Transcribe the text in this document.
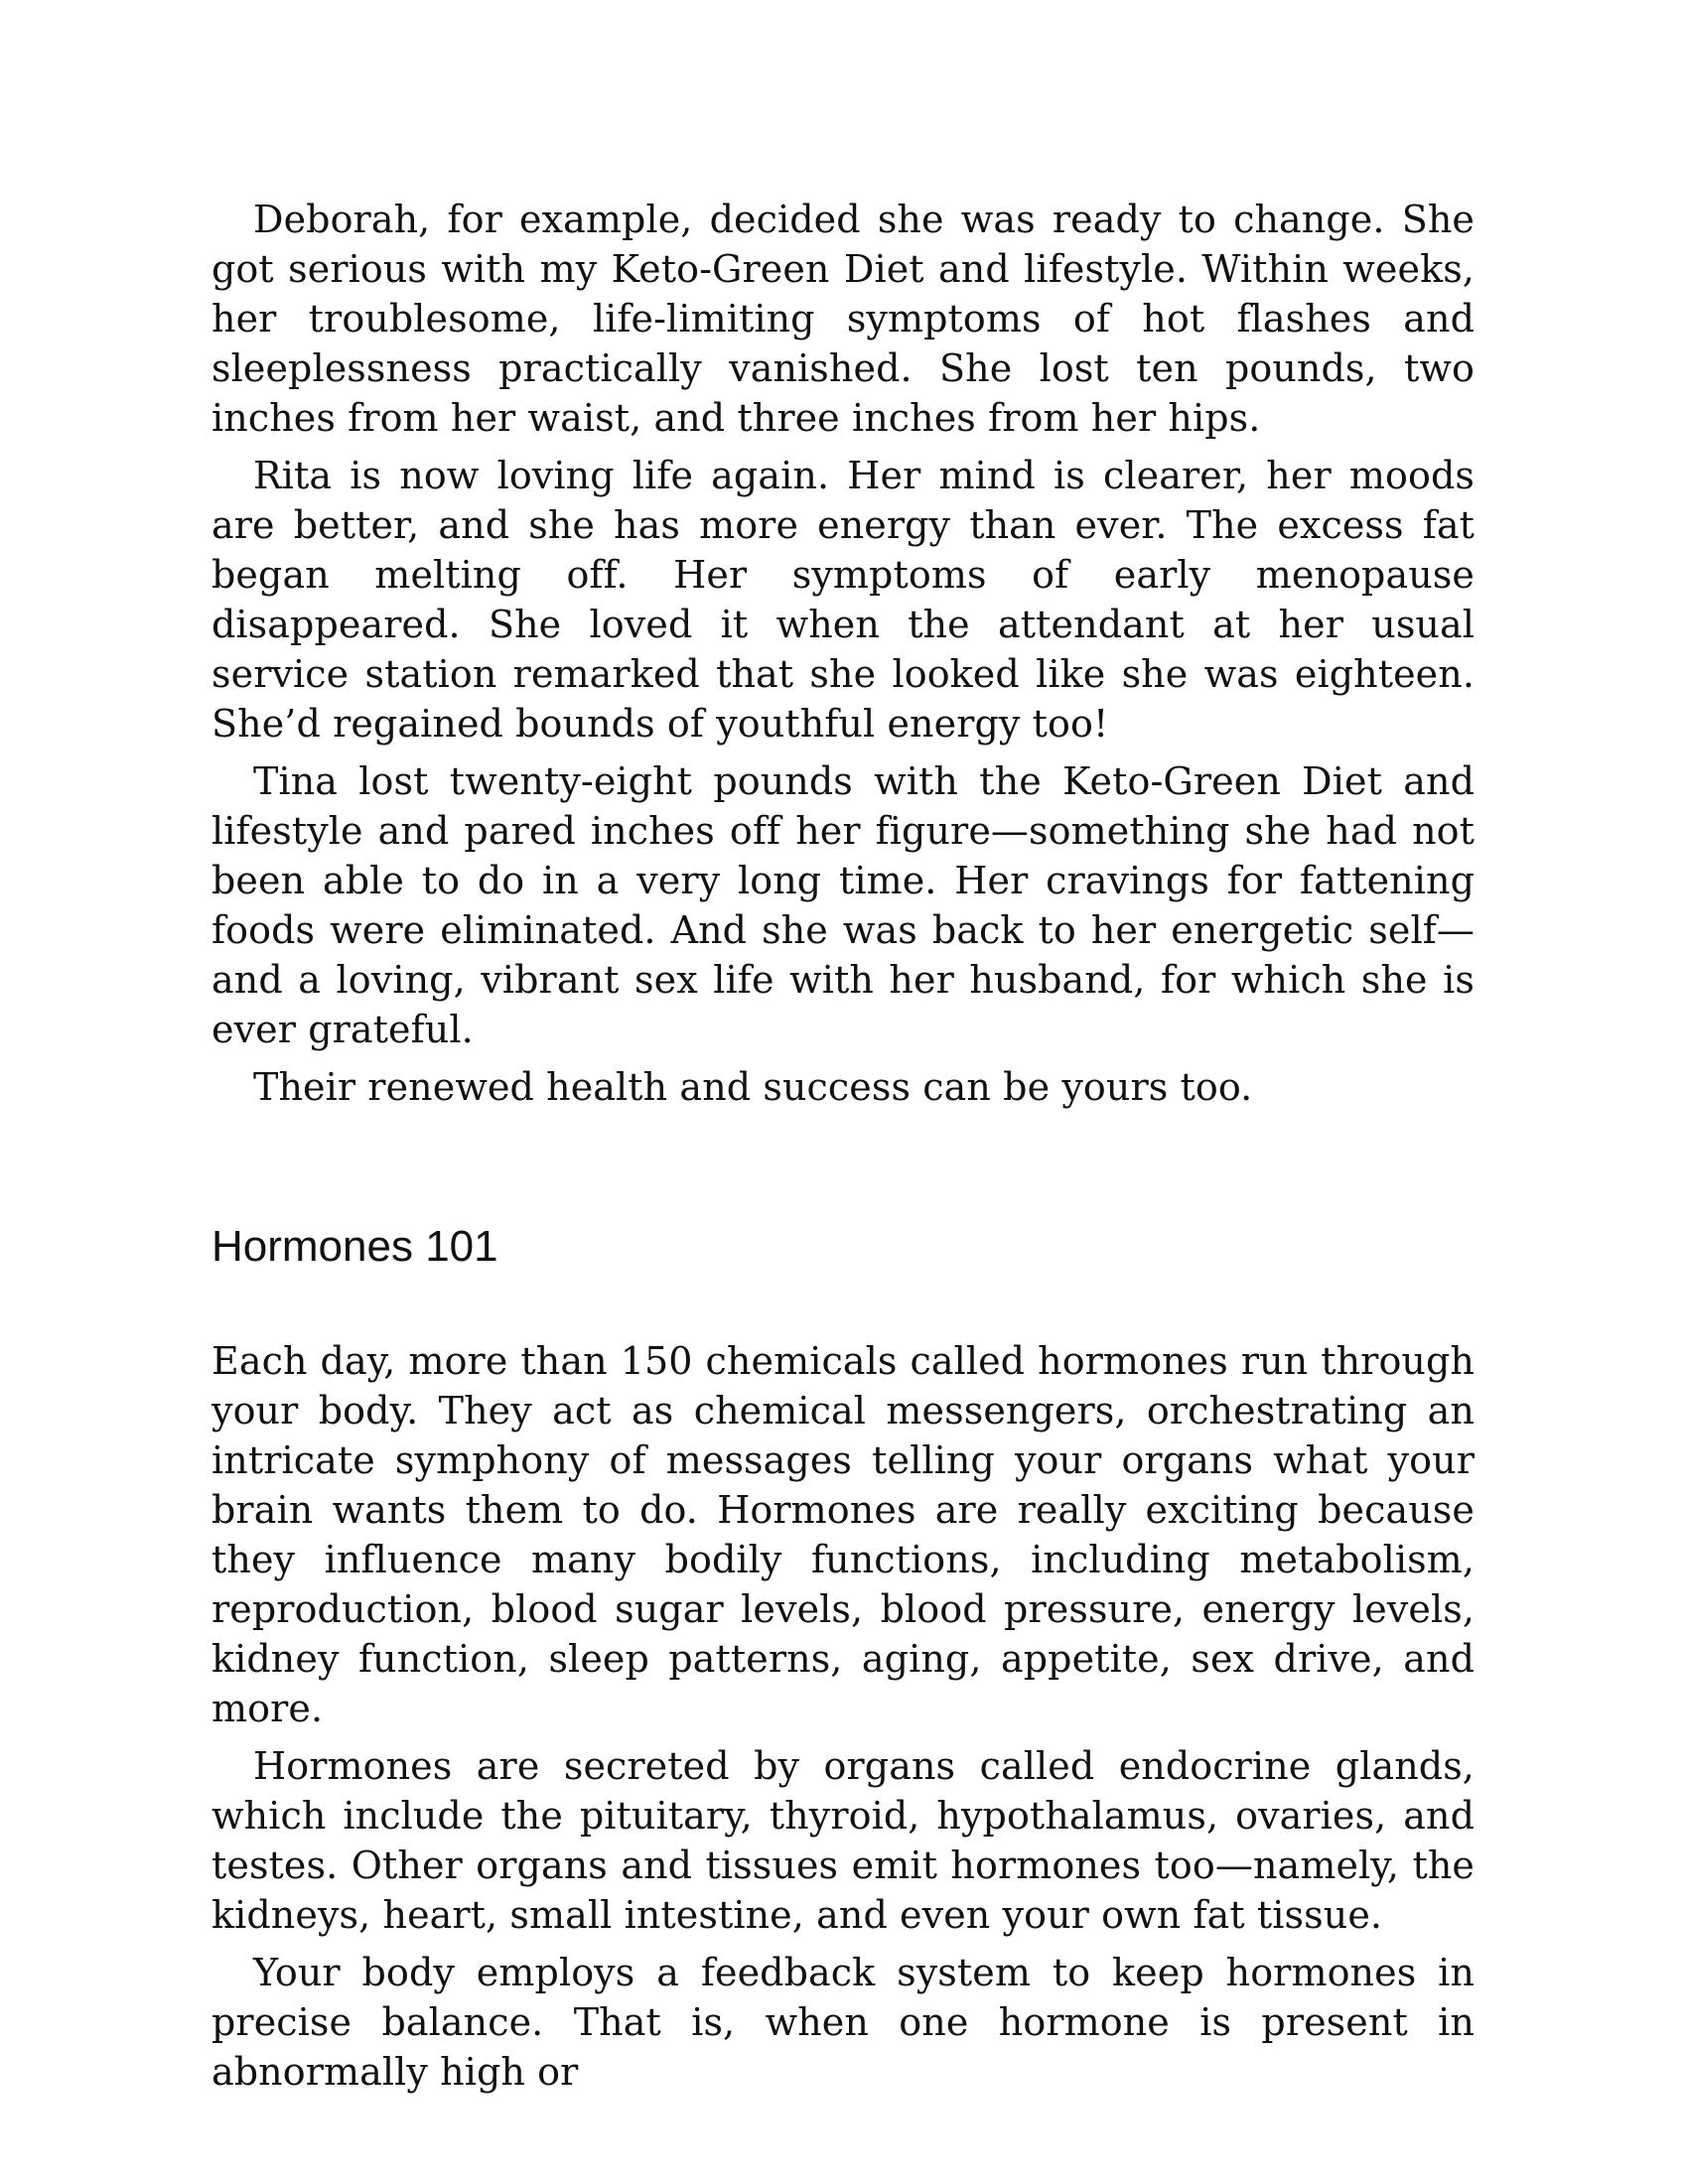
Deborah, for example, decided she was ready to change. She got serious with my Keto-Green Diet and lifestyle. Within weeks, her troublesome, life-limiting symptoms of hot flashes and sleeplessness practically vanished. She lost ten pounds, two inches from her waist, and three inches from her hips.

Rita is now loving life again. Her mind is clearer, her moods are better, and she has more energy than ever. The excess fat began melting off. Her symptoms of early menopause disappeared. She loved it when the attendant at her usual service station remarked that she looked like she was eighteen. She’d regained bounds of youthful energy too!

Tina lost twenty-eight pounds with the Keto-Green Diet and lifestyle and pared inches off her figure—something she had not been able to do in a very long time. Her cravings for fattening foods were eliminated. And she was back to her energetic self—and a loving, vibrant sex life with her husband, for which she is ever grateful.

Their renewed health and success can be yours too.

Hormones 101

Each day, more than 150 chemicals called hormones run through your body. They act as chemical messengers, orchestrating an intricate symphony of messages telling your organs what your brain wants them to do. Hormones are really exciting because they influence many bodily functions, including metabolism, reproduction, blood sugar levels, blood pressure, energy levels, kidney function, sleep patterns, aging, appetite, sex drive, and more.

Hormones are secreted by organs called endocrine glands, which include the pituitary, thyroid, hypothalamus, ovaries, and testes. Other organs and tissues emit hormones too—namely, the kidneys, heart, small intestine, and even your own fat tissue.

Your body employs a feedback system to keep hormones in precise balance. That is, when one hormone is present in abnormally high or
